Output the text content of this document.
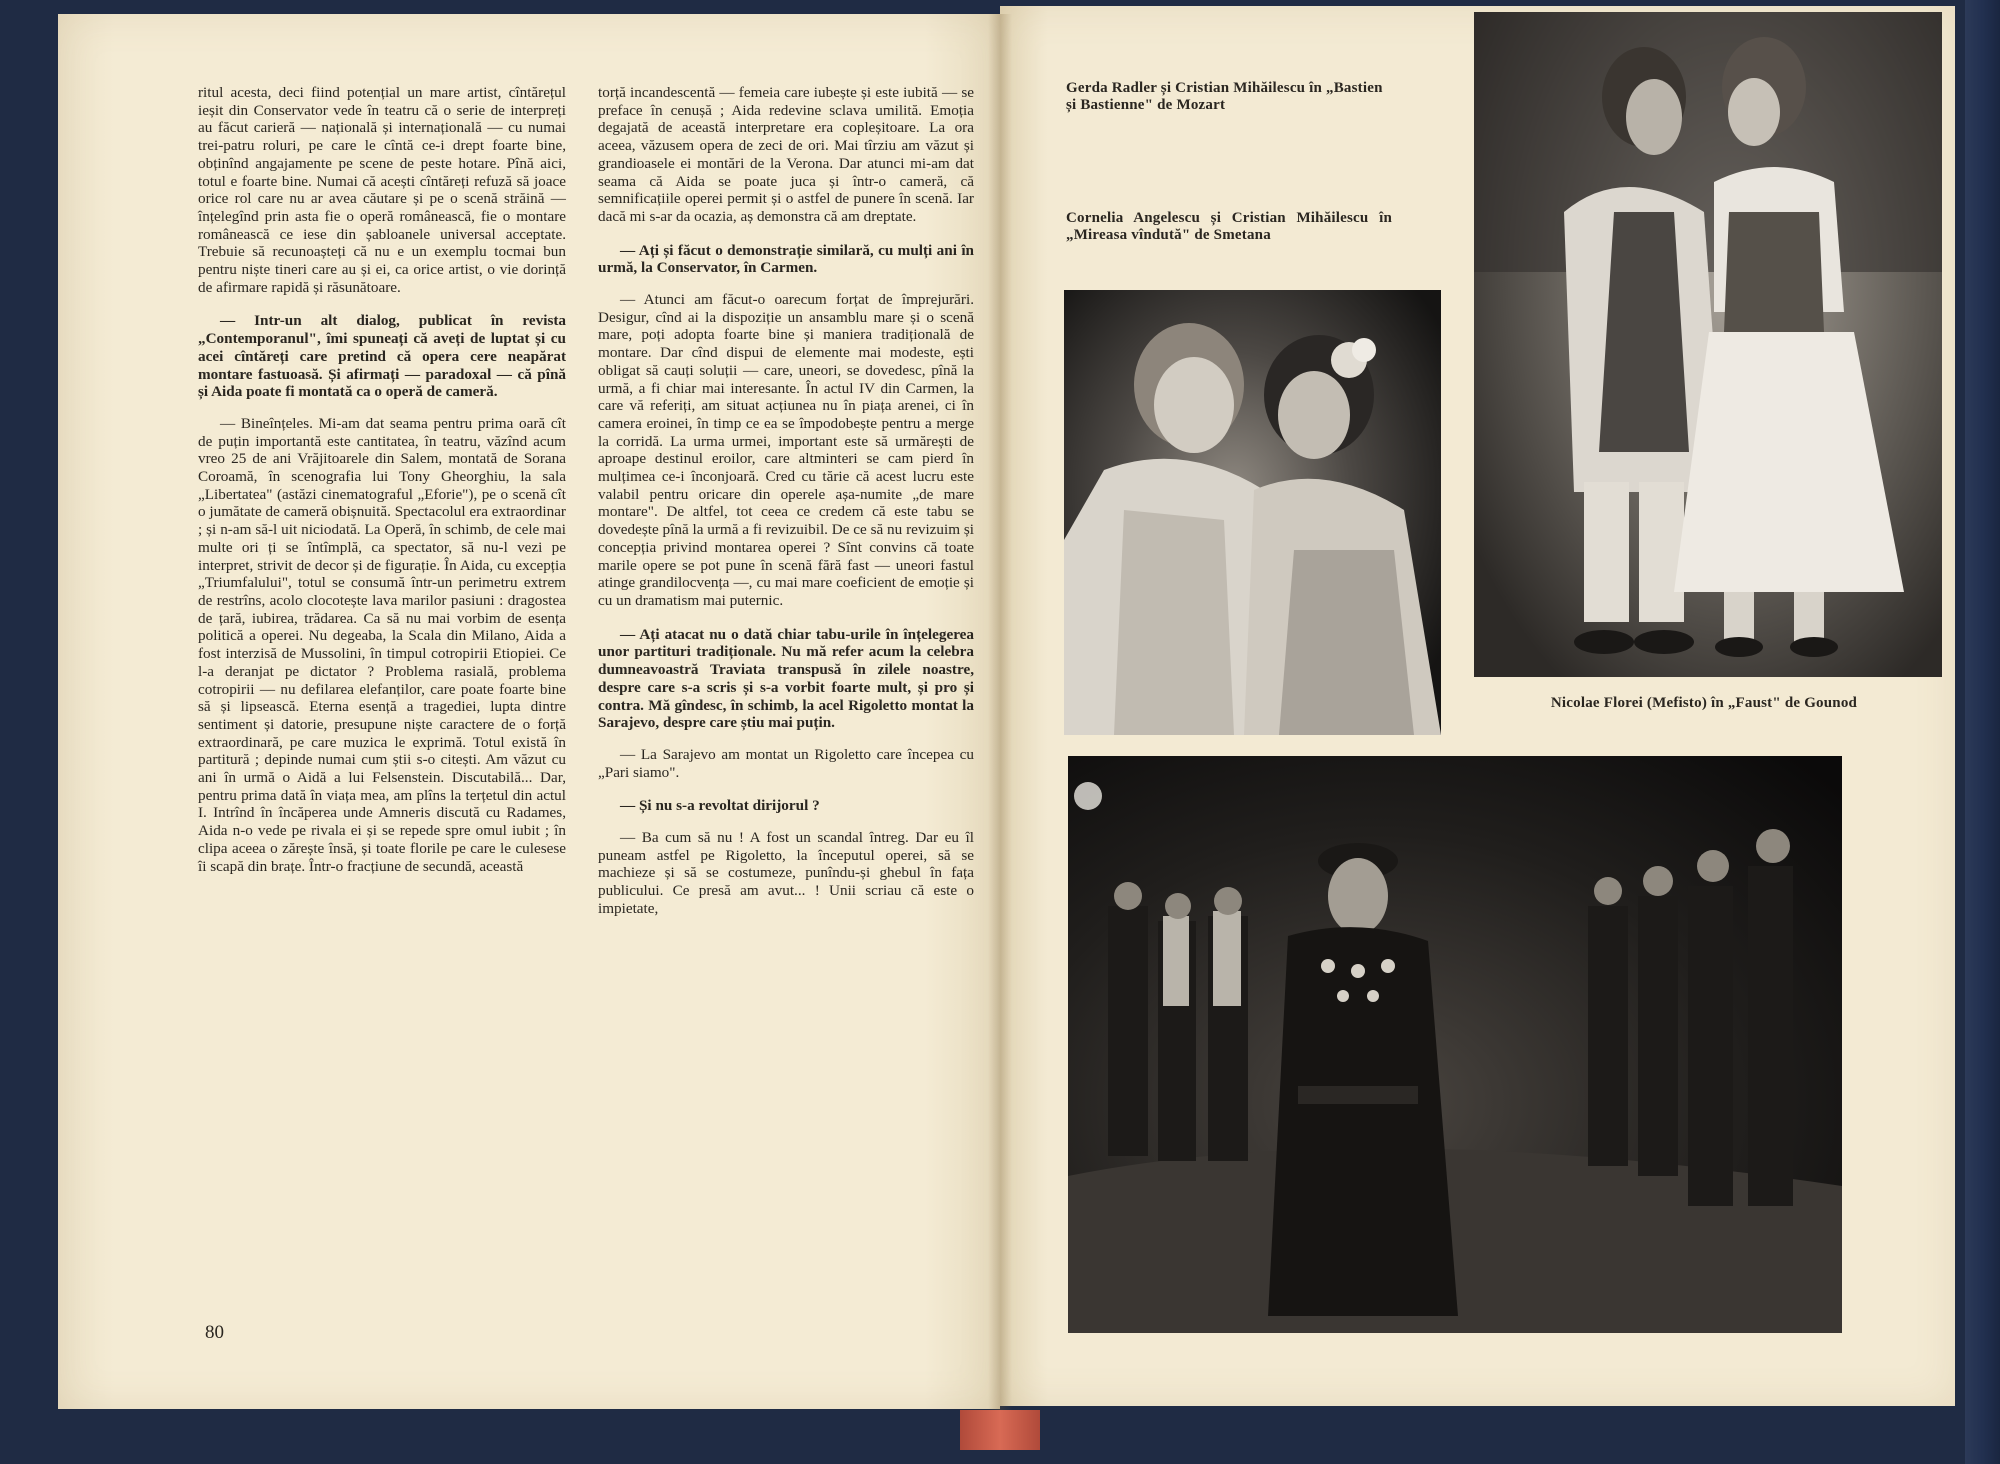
ritul acesta, deci fiind potențial un mare artist, cîntărețul ieșit din Conservator vede în teatru că o serie de interpreți au făcut carieră — națională și internațională — cu numai trei-patru roluri, pe care le cîntă ce-i drept foarte bine, obținînd angajamente pe scene de peste hotare. Pînă aici, totul e foarte bine. Numai că acești cîntăreți refuză să joace orice rol care nu ar avea căutare și pe o scenă străină — înțelegînd prin asta fie o operă românească, fie o montare românească ce iese din șabloanele universal acceptate. Trebuie să recunoașteți că nu e un exemplu tocmai bun pentru niște tineri care au și ei, ca orice artist, o vie dorință de afirmare rapidă și răsunătoare.

— Intr-un alt dialog, publicat în revista „Contemporanul", îmi spuneați că aveți de luptat și cu acei cîntăreți care pretind că opera cere neapărat montare fastuoasă. Și afirmați — paradoxal — că pînă și Aida poate fi montată ca o operă de cameră.

— Bineînțeles. Mi-am dat seama pentru prima oară cît de puțin importantă este cantitatea, în teatru, văzînd acum vreo 25 de ani Vrăjitoarele din Salem, montată de Sorana Coroamă, în scenografia lui Tony Gheorghiu, la sala „Libertatea" (astăzi cinematograful „Eforie"), pe o scenă cît o jumătate de cameră obișnuită. Spectacolul era extraordinar ; și n-am să-l uit niciodată. La Operă, în schimb, de cele mai multe ori ți se întîmplă, ca spectator, să nu-l vezi pe interpret, strivit de decor și de figurație. În Aida, cu excepția „Triumfalului", totul se consumă într-un perimetru extrem de restrîns, acolo clocotește lava marilor pasiuni : dragostea de țară, iubirea, trădarea. Ca să nu mai vorbim de esența politică a operei. Nu degeaba, la Scala din Milano, Aida a fost interzisă de Mussolini, în timpul cotropirii Etiopiei. Ce l-a deranjat pe dictator ? Problema rasială, problema cotropirii — nu defilarea elefanților, care poate foarte bine să și lipsească. Eterna esență a tragediei, lupta dintre sentiment și datorie, presupune niște caractere de o forță extraordinară, pe care muzica le exprimă. Totul există în partitură ; depinde numai cum știi s-o citești. Am văzut cu ani în urmă o Aidă a lui Felsenstein. Discutabilă... Dar, pentru prima dată în viața mea, am plîns la terțetul din actul I. Intrînd în încăperea unde Amneris discută cu Radames, Aida n-o vede pe rivala ei și se repede spre omul iubit ; în clipa aceea o zărește însă, și toate florile pe care le culesese îi scapă din brațe. Într-o fracțiune de secundă, această

torță incandescentă — femeia care iubește și este iubită — se preface în cenușă ; Aida redevine sclava umilită. Emoția degajată de această interpretare era copleșitoare. La ora aceea, văzusem opera de zeci de ori. Mai tîrziu am văzut și grandioasele ei montări de la Verona. Dar atunci mi-am dat seama că Aida se poate juca și într-o cameră, că semnificațiile operei permit și o astfel de punere în scenă. Iar dacă mi s-ar da ocazia, aș demonstra că am dreptate.

— Ați și făcut o demonstrație similară, cu mulți ani în urmă, la Conservator, în Carmen.

— Atunci am făcut-o oarecum forțat de împrejurări. Desigur, cînd ai la dispoziție un ansamblu mare și o scenă mare, poți adopta foarte bine și maniera tradițională de montare. Dar cînd dispui de elemente mai modeste, ești obligat să cauți soluții — care, uneori, se dovedesc, pînă la urmă, a fi chiar mai interesante. În actul IV din Carmen, la care vă referiți, am situat acțiunea nu în piața arenei, ci în camera eroinei, în timp ce ea se împodobește pentru a merge la corridă. La urma urmei, important este să urmărești de aproape destinul eroilor, care altminteri se cam pierd în mulțimea ce-i înconjoară. Cred cu tărie că acest lucru este valabil pentru oricare din operele așa-numite „de mare montare". De altfel, tot ceea ce credem că este tabu se dovedește pînă la urmă a fi revizuibil. De ce să nu revizuim și concepția privind montarea operei ? Sînt convins că toate marile opere se pot pune în scenă fără fast — uneori fastul atinge grandilocvența —, cu mai mare coeficient de emoție și cu un dramatism mai puternic.

— Ați atacat nu o dată chiar tabu-urile în înțelegerea unor partituri tradiționale. Nu mă refer acum la celebra dumneavoastră Traviata transpusă în zilele noastre, despre care s-a scris și s-a vorbit foarte mult, și pro și contra. Mă gîndesc, în schimb, la acel Rigoletto montat la Sarajevo, despre care știu mai puțin.

— La Sarajevo am montat un Rigoletto care începea cu „Pari siamo".

— Și nu s-a revoltat dirijorul ?

— Ba cum să nu ! A fost un scandal întreg. Dar eu îl puneam astfel pe Rigoletto, la începutul operei, să se machieze și să se costumeze, punîndu-și ghebul în fața publicului. Ce presă am avut... ! Unii scriau că este o impietate,

80
Gerda Radler și Cristian Mihăilescu în „Bastien și Bastienne" de Mozart
Cornelia Angelescu și Cristian Mihăilescu în „Mireasa vîndută" de Smetana
Nicolae Florei (Mefisto) în „Faust" de Gounod
